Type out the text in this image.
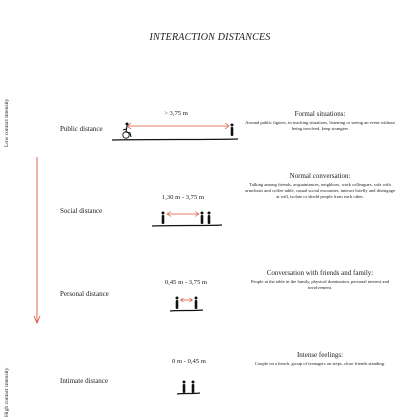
INTERACTION DISTANCES
Low contact intensity
High contact intensity
Public distance
Social distance
Personal distance
Intimate distance
> 3,75 m
1,30 m - 3,75 m
0,45 m - 3,75 m
0 m - 0,45 m
Formal situations:
Around public figures, in teaching situations, listening or seeing an event without being involved, keep strangers
Normal conversation:
Talking among friends, acquaintances, neighbors, work colleagues, sofa with armchairs and coffee table, casual social encounter, interact briefly and disengage at will, isolate or shield people from each other.
Conversation with friends and family:
People at the table in the family, physical domination, personal interest and involvement.
Intense feelings:
Couple on a bench, group of teenagers on steps, close friends standing.
